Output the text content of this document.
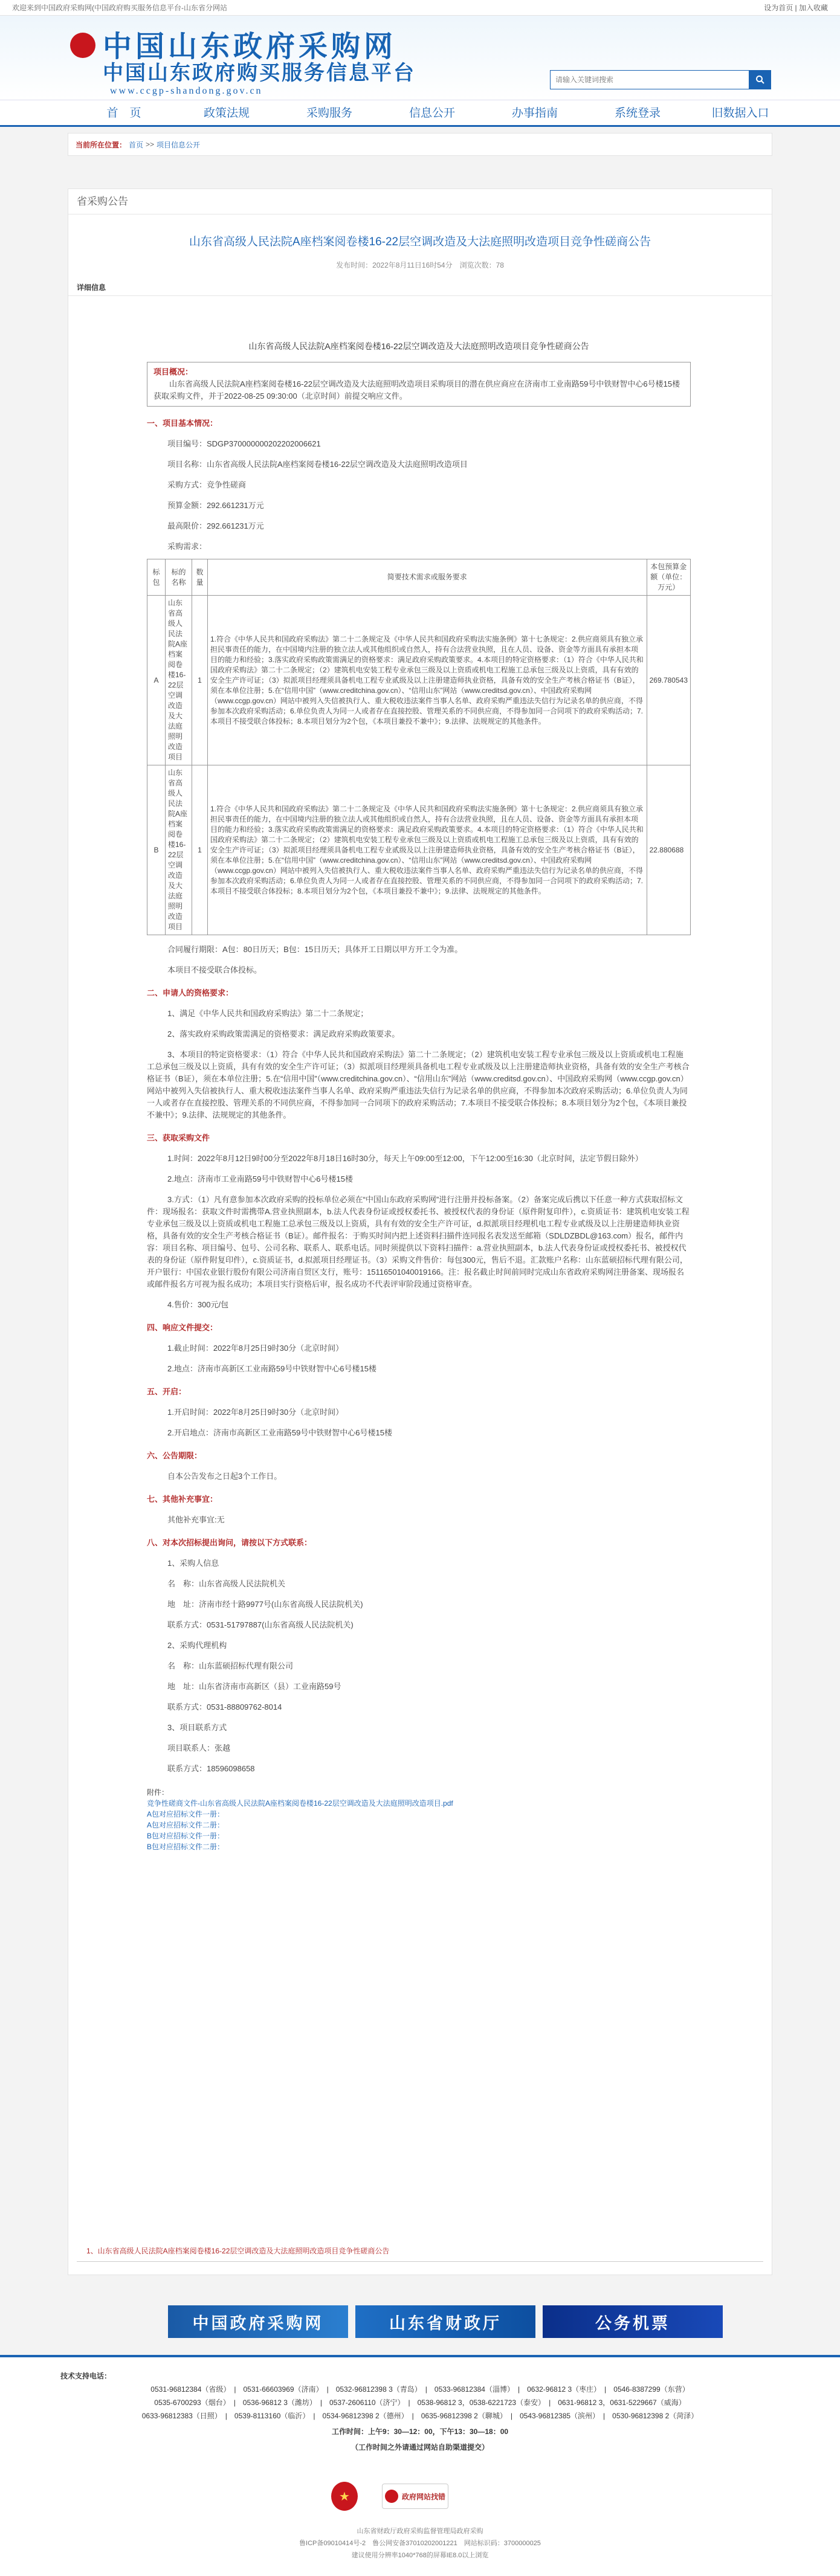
欢迎来到中国政府采购网(中国政府购买服务信息平台-山东省分网站	设为首页 | 加入收藏
中国山东政府采购网
中国山东政府购买服务信息平台
www.ccgp-shandong.gov.cn
请输入关键词搜索
首　页	政策法规	采购服务	信息公开	办事指南	系统登录	旧数据入口
当前所在位置： 首页 >> 项目信息公开
省采购公告
山东省高级人民法院A座档案阅卷楼16-22层空调改造及大法庭照明改造项目竞争性磋商公告
发布时间：2022年8月11日16时54分　浏览次数：78
详细信息
山东省高级人民法院A座档案阅卷楼16-22层空调改造及大法庭照明改造项目竞争性磋商公告
项目概况：
山东省高级人民法院A座档案阅卷楼16-22层空调改造及大法庭照明改造项目采购项目的潜在供应商应在济南市工业南路59号中铁财智中心6号楼15楼获取采购文件，并于2022-08-25 09:30:00（北京时间）前提交响应文件。
一、项目基本情况：
项目编号：SDGP370000000202202006621
项目名称：山东省高级人民法院A座档案阅卷楼16-22层空调改造及大法庭照明改造项目
采购方式：竞争性磋商
预算金额：292.661231万元
最高限价：292.661231万元
采购需求：
标包	标的名称	数量	简要技术需求或服务要求	本包预算金额（单位：万元）
A	山东省高级人民法院A座档案阅卷楼16-22层空调改造及大法庭照明改造项目	1	1.符合《中华人民共和国政府采购法》第二十二条规定及《中华人民共和国政府采购法实施条例》第十七条规定：2.供应商须具有独立承担民事责任的能力，在中国境内注册的独立法人或其他组织或自然人，持有合法营业执照，且在人员、设备、资金等方面具有承担本项目的能力和经验；3.落实政府采购政策需满足的资格要求：满足政府采购政策要求。4.本项目的特定资格要求：（1）符合《中华人民共和国政府采购法》第二十二条规定；（2）建筑机电安装工程专业承包三级及以上资质或机电工程施工总承包三级及以上资质，具有有效的安全生产许可证；（3）拟派项目经理须具备机电工程专业贰级及以上注册建造师执业资格，具备有效的安全生产考核合格证书（B证），须在本单位注册；5.在“信用中国”（www.creditchina.gov.cn）、“信用山东”网站（www.creditsd.gov.cn）、中国政府采购网（www.ccgp.gov.cn）网站中被列入失信被执行人、重大税收违法案件当事人名单、政府采购严重违法失信行为记录名单的供应商，不得参加本次政府采购活动；6.单位负责人为同一人或者存在直接控股、管理关系的不同供应商，不得参加同一合同项下的政府采购活动；7.本项目不接受联合体投标；8.本项目划分为2个包，《本项目兼投不兼中》；9.法律、法规规定的其他条件。	269.780543
B	山东省高级人民法院A座档案阅卷楼16-22层空调改造及大法庭照明改造项目	1	1.符合《中华人民共和国政府采购法》第二十二条规定及《中华人民共和国政府采购法实施条例》第十七条规定：2.供应商须具有独立承担民事责任的能力，在中国境内注册的独立法人或其他组织或自然人，持有合法营业执照，且在人员、设备、资金等方面具有承担本项目的能力和经验；3.落实政府采购政策需满足的资格要求：满足政府采购政策要求。4.本项目的特定资格要求：（1）符合《中华人民共和国政府采购法》第二十二条规定；（2）建筑机电安装工程专业承包三级及以上资质或机电工程施工总承包三级及以上资质，具有有效的安全生产许可证；（3）拟派项目经理须具备机电工程专业贰级及以上注册建造师执业资格，具备有效的安全生产考核合格证书（B证），须在本单位注册；5.在“信用中国”（www.creditchina.gov.cn）、“信用山东”网站（www.creditsd.gov.cn）、中国政府采购网（www.ccgp.gov.cn）网站中被列入失信被执行人、重大税收违法案件当事人名单、政府采购严重违法失信行为记录名单的供应商，不得参加本次政府采购活动；6.单位负责人为同一人或者存在直接控股、管理关系的不同供应商，不得参加同一合同项下的政府采购活动；7.本项目不接受联合体投标；8.本项目划分为2个包，《本项目兼投不兼中》；9.法律、法规规定的其他条件。	22.880688
合同履行期限：A包：80日历天；B包：15日历天；具体开工日期以甲方开工令为准。
本项目不接受联合体投标。
二、申请人的资格要求：
1、满足《中华人民共和国政府采购法》第二十二条规定；
2、落实政府采购政策需满足的资格要求：满足政府采购政策要求。
3、本项目的特定资格要求：（1）符合《中华人民共和国政府采购法》第二十二条规定；（2）建筑机电安装工程专业承包三级及以上资质或机电工程施工总承包三级及以上资质，具有有效的安全生产许可证；（3）拟派项目经理须具备机电工程专业贰级及以上注册建造师执业资格，具备有效的安全生产考核合格证书（B证），须在本单位注册；5.在“信用中国”（www.creditchina.gov.cn）、“信用山东”网站（www.creditsd.gov.cn）、中国政府采购网（www.ccgp.gov.cn）网站中被列入失信被执行人、重大税收违法案件当事人名单、政府采购严重违法失信行为记录名单的供应商，不得参加本次政府采购活动；6.单位负责人为同一人或者存在直接控股、管理关系的不同供应商，不得参加同一合同项下的政府采购活动；7.本项目不接受联合体投标；8.本项目划分为2个包，《本项目兼投不兼中》；9.法律、法规规定的其他条件。
三、获取采购文件
1.时间：2022年8月12日9时00分至2022年8月18日16时30分，每天上午09:00至12:00，下午12:00至16:30（北京时间，法定节假日除外）
2.地点：济南市工业南路59号中铁财智中心6号楼15楼
3.方式：（1）凡有意参加本次政府采购的投标单位必须在“中国山东政府采购网”进行注册并投标备案。（2）备案完成后携以下任意一种方式获取招标文件：现场报名：获取文件时需携带A.营业执照副本，b.法人代表身份证或授权委托书、被授权代表的身份证（原件附复印件），c.资质证书：建筑机电安装工程专业承包三级及以上资质或机电工程施工总承包三级及以上资质，具有有效的安全生产许可证，d.拟派项目经理机电工程专业贰级及以上注册建造师执业资格，具备有效的安全生产考核合格证书（B证）。邮件报名：于购买时间内把上述资料扫描件连同报名表发送至邮箱（SDLDZBDL@163.com）报名，邮件内容：项目名称、项目编号、包号、公司名称、联系人、联系电话。同时须提供以下资料扫描件：a.营业执照副本，b.法人代表身份证或授权委托书、被授权代表的身份证（原件附复印件），c.资质证书，d.拟派项目经理证书。（3）采购文件售价：每包300元，售后不退。汇款账户名称：山东蓝硕招标代理有限公司，开户银行：中国农业银行股份有限公司济南自贸区支行，账号：15116501040019166。注：报名截止时间前同时完成山东省政府采购网注册备案、现场报名或邮件报名方可视为报名成功；本项目实行资格后审，报名成功不代表评审阶段通过资格审查。
4.售价：300元/包
四、响应文件提交：
1.截止时间：2022年8月25日9时30分（北京时间）
2.地点：济南市高新区工业南路59号中铁财智中心6号楼15楼
五、开启：
1.开启时间：2022年8月25日9时30分（北京时间）
2.开启地点：济南市高新区工业南路59号中铁财智中心6号楼15楼
六、公告期限：
自本公告发布之日起3个工作日。
七、其他补充事宜：
其他补充事宜:无
八、对本次招标提出询问，请按以下方式联系：
1、采购人信息
名　称：山东省高级人民法院机关
地　址：济南市经十路9977号(山东省高级人民法院机关)
联系方式：0531-51797887(山东省高级人民法院机关)
2、采购代理机构
名　称：山东蓝硕招标代理有限公司
地　址：山东省济南市高新区（县）工业南路59号
联系方式：0531-88809762-8014
3、项目联系方式
项目联系人：张越
联系方式：18596098658
附件：
竞争性磋商文件-山东省高级人民法院A座档案阅卷楼16-22层空调改造及大法庭照明改造项目.pdf
A包对应招标文件一册：
A包对应招标文件二册：
B包对应招标文件一册：
B包对应招标文件二册：
1、山东省高级人民法院A座档案阅卷楼16-22层空调改造及大法庭照明改造项目竞争性磋商公告
中国政府采购网	山东省财政厅	公务机票
技术支持电话：
0531-96812384（省级）　|　0531-66603969（济南）　|　0532-96812398 3（青岛）　|　0533-96812384（淄博）　|　0632-96812 3（枣庄）　|　0546-8387299（东营）
0535-6700293（烟台）　|　0536-96812 3（潍坊）　|　0537-2606110（济宁）　|　0538-96812 3，0538-6221723（泰安）　|　0631-96812 3，0631-5229667（威海）
0633-96812383（日照）　|　0539-8113160（临沂）　|　0534-96812398 2（德州）　|　0635-96812398 2（聊城）　|　0543-96812385（滨州）　|　0530-96812398 2（菏泽）
工作时间：上午9：30—12：00，下午13：30—18：00
（工作时间之外请通过网站自助渠道提交）
★	政府网站找错
山东省财政厅政府采购监督管理局政府采购
鲁ICP备09010414号-2　鲁公网安备37010202001221　网站标识码：3700000025
建议使用分辨率1040*768的屏幕IE8.0以上浏览
